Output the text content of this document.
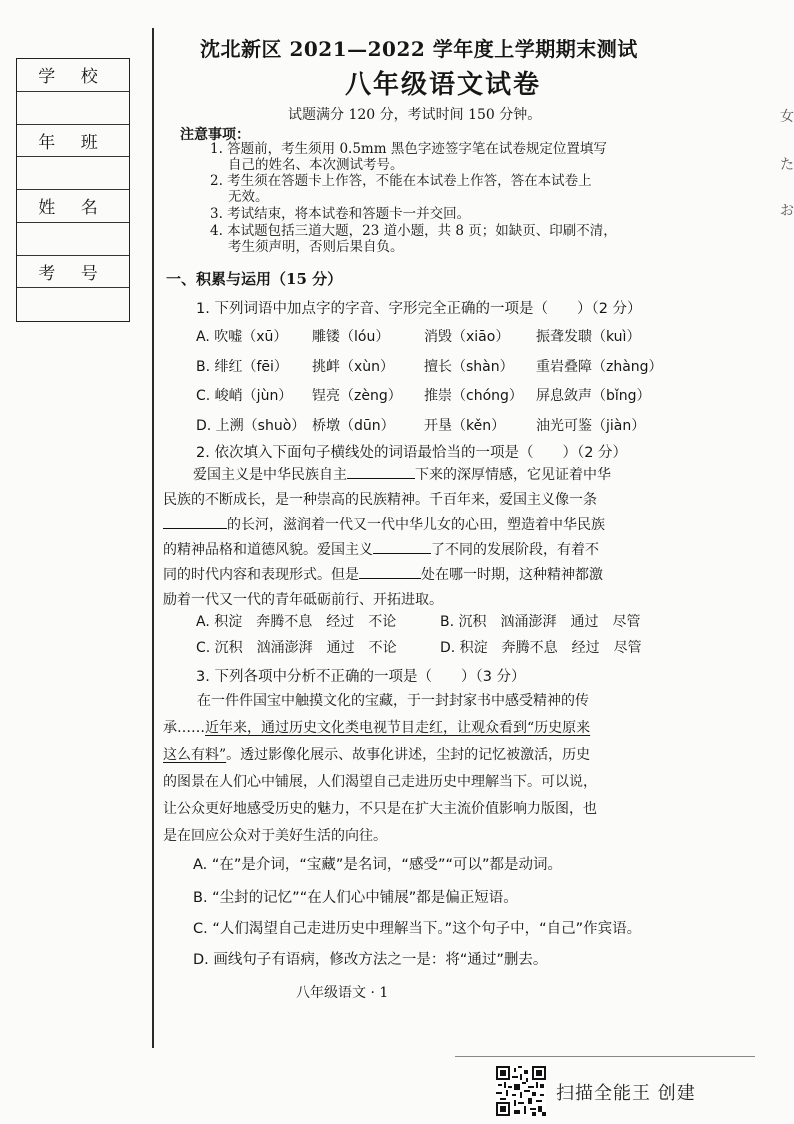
学 校
年 班
姓 名
考 号
女
た
お
沈北新区 2021—2022 学年度上学期期末测试
八年级语文试卷
试题满分 120 分，考试时间 150 分钟。
注意事项：
1. 答题前，考生须用 0.5mm 黑色字迹签字笔在试卷规定位置填写
自己的姓名、本次测试考号。
2. 考生须在答题卡上作答，不能在本试卷上作答，答在本试卷上
无效。
3. 考试结束，将本试卷和答题卡一并交回。
4. 本试题包括三道大题，23 道小题，共 8 页；如缺页、印刷不清，
考生须声明，否则后果自负。
一、积累与运用（15 分）
1. 下列词语中加点字的字音、字形完全正确的一项是（　　）（2 分）
A. 吹嘘（xū） 雕镂（lóu） 消毁（xiāo） 振聋发聩（kuì）
B. 绯红（fēi） 挑衅（xùn） 擅长（shàn） 重岩叠障（zhàng）
C. 峻峭（jùn） 锃亮（zèng） 推崇（chóng） 屏息敛声（bǐng）
D. 上溯（shuò） 桥墩（dūn） 开垦（kěn） 油光可鉴（jiàn）
2. 依次填入下面句子横线处的词语最恰当的一项是（　　）（2 分）
爱国主义是中华民族自主	下来的深厚情感，它见证着中华
民族的不断成长，是一种崇高的民族精神。千百年来，爱国主义像一条
的长河，滋润着一代又一代中华儿女的心田，塑造着中华民族
的精神品格和道德风貌。爱国主义	了不同的发展阶段，有着不
同的时代内容和表现形式。但是	处在哪一时期，这种精神都激
励着一代又一代的青年砥砺前行、开拓进取。
A. 积淀　奔腾不息　经过　不论	B. 沉积　汹涌澎湃　通过　尽管
C. 沉积　汹涌澎湃　通过　不论	D. 积淀　奔腾不息　经过　尽管
3. 下列各项中分析不正确的一项是（　　）（3 分）
在一件件国宝中触摸文化的宝藏，于一封封家书中感受精神的传
承……近年来，通过历史文化类电视节目走红，让观众看到“历史原来
这么有料”。透过影像化展示、故事化讲述，尘封的记忆被激活，历史
的图景在人们心中铺展，人们渴望自己走进历史中理解当下。可以说，
让公众更好地感受历史的魅力，不只是在扩大主流价值影响力版图，也
是在回应公众对于美好生活的向往。
A. “在”是介词，“宝藏”是名词，“感受”“可以”都是动词。
B. “尘封的记忆”“在人们心中铺展”都是偏正短语。
C. “人们渴望自己走进历史中理解当下。”这个句子中，“自己”作宾语。
D. 画线句子有语病，修改方法之一是：将“通过”删去。
八年级语文 · 1
扫描全能王 创建
